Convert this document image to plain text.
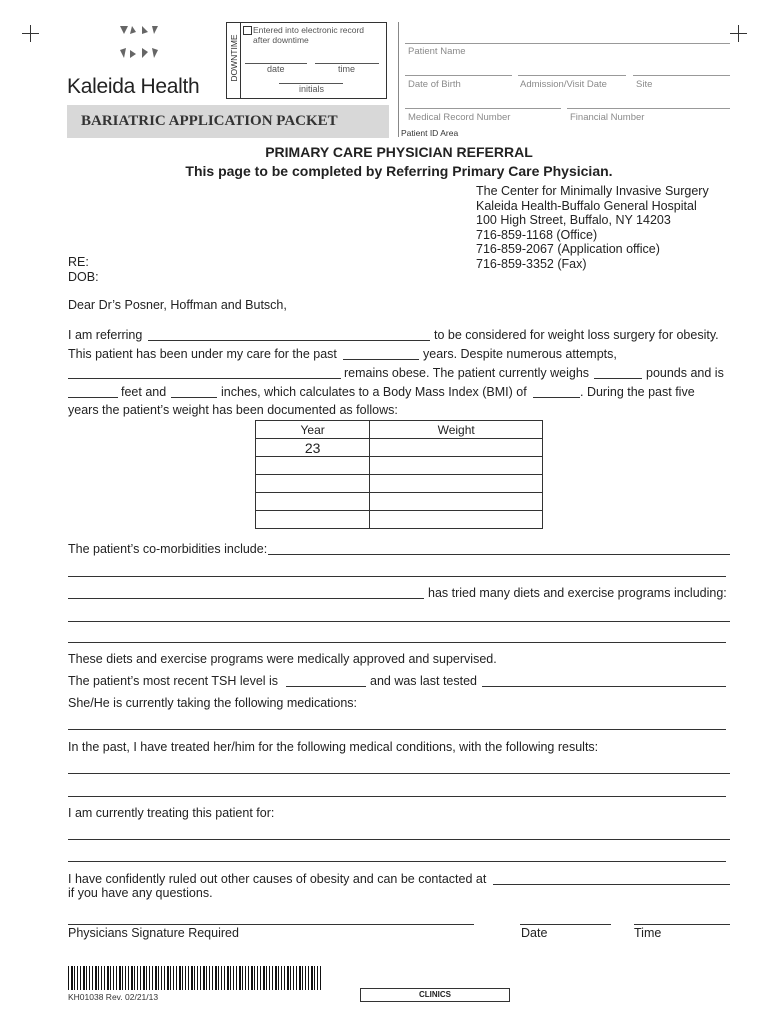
Kaleida Health
DOWNTIME
Entered into electronic record after downtime
date	time
initials
BARIATRIC APPLICATION PACKET
Patient Name
Date of Birth	Admission/Visit Date	Site
Medical Record Number	Financial Number
Patient ID Area
PRIMARY CARE PHYSICIAN REFERRAL
This page to be completed by Referring Primary Care Physician.
The Center for Minimally Invasive Surgery
Kaleida Health-Buffalo General Hospital
100 High Street, Buffalo, NY 14203
716-859-1168 (Office)
716-859-2067 (Application office)
716-859-3352 (Fax)
RE:
DOB:
Dear Dr’s Posner, Hoffman and Butsch,
I am referring	to be considered for weight loss surgery for obesity.
This patient has been under my care for the past	years. Despite numerous attempts,
remains obese. The patient currently weighs	pounds and is
feet and	inches, which calculates to a Body Mass Index (BMI) of	. During the past five
years the patient’s weight has been documented as follows:
Year	Weight
23	

The patient’s co-morbidities include:
has tried many diets and exercise programs including:
These diets and exercise programs were medically approved and supervised.
The patient’s most recent TSH level is	and was last tested
She/He is currently taking the following medications:
In the past, I have treated her/him for the following medical conditions, with the following results:
I am currently treating this patient for:
I have confidently ruled out other causes of obesity and can be contacted at
if you have any questions.
Physicians Signature Required	Date	Time
KH01038 Rev. 02/21/13	CLINICS
